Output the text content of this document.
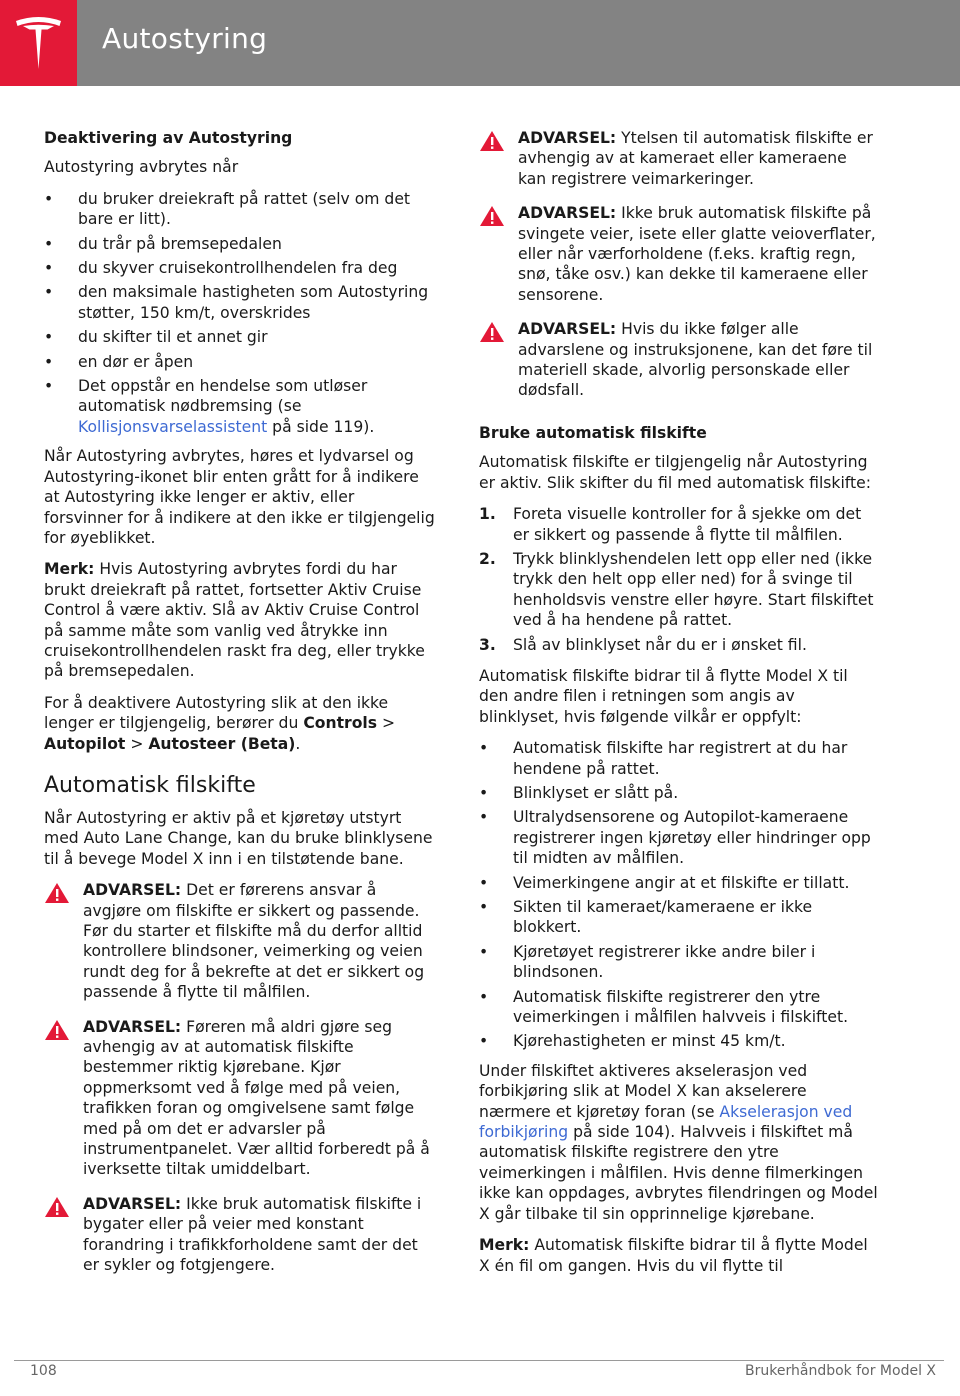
Autostyring

Deaktivering av Autostyring

Autostyring avbrytes når

• du bruker dreiekraft på rattet (selv om det bare er litt).
• du trår på bremsepedalen
• du skyver cruisekontrollhendelen fra deg
• den maksimale hastigheten som Autostyring støtter, 150 km/t, overskrides
• du skifter til et annet gir
• en dør er åpen
• Det oppstår en hendelse som utløser automatisk nødbremsing (se Kollisjonsvarselassistent på side 119).

Når Autostyring avbrytes, høres et lydvarsel og Autostyring-ikonet blir enten grått for å indikere at Autostyring ikke lenger er aktiv, eller forsvinner for å indikere at den ikke er tilgjengelig for øyeblikket.

Merk: Hvis Autostyring avbrytes fordi du har brukt dreiekraft på rattet, fortsetter Aktiv Cruise Control å være aktiv. Slå av Aktiv Cruise Control på samme måte som vanlig ved åtrykke inn cruisekontrollhendelen raskt fra deg, eller trykke på bremsepedalen.

For å deaktivere Autostyring slik at den ikke lenger er tilgjengelig, berører du Controls > Autopilot > Autosteer (Beta).

Automatisk filskifte

Når Autostyring er aktiv på et kjøretøy utstyrt med Auto Lane Change, kan du bruke blinklysene til å bevege Model X inn i en tilstøtende bane.

ADVARSEL: Det er førerens ansvar å avgjøre om filskifte er sikkert og passende. Før du starter et filskifte må du derfor alltid kontrollere blindsoner, veimerking og veien rundt deg for å bekrefte at det er sikkert og passende å flytte til målfilen.
ADVARSEL: Føreren må aldri gjøre seg avhengig av at automatisk filskifte bestemmer riktig kjørebane. Kjør oppmerksomt ved å følge med på veien, trafikken foran og omgivelsene samt følge med på om det er advarsler på instrumentpanelet. Vær alltid forberedt på å iverksette tiltak umiddelbart.
ADVARSEL: Ikke bruk automatisk filskifte i bygater eller på veier med konstant forandring i trafikkforholdene samt der det er sykler og fotgjengere.
ADVARSEL: Ytelsen til automatisk filskifte er avhengig av at kameraet eller kameraene kan registrere veimarkeringer.
ADVARSEL: Ikke bruk automatisk filskifte på svingete veier, isete eller glatte veioverflater, eller når værforholdene (f.eks. kraftig regn, snø, tåke osv.) kan dekke til kameraene eller sensorene.
ADVARSEL: Hvis du ikke følger alle advarslene og instruksjonene, kan det føre til materiell skade, alvorlig personskade eller dødsfall.

Bruke automatisk filskifte

Automatisk filskifte er tilgjengelig når Autostyring er aktiv. Slik skifter du fil med automatisk filskifte:

1. Foreta visuelle kontroller for å sjekke om det er sikkert og passende å flytte til målfilen.
2. Trykk blinklyshendelen lett opp eller ned (ikke trykk den helt opp eller ned) for å svinge til henholdsvis venstre eller høyre. Start filskiftet ved å ha hendene på rattet.
3. Slå av blinklyset når du er i ønsket fil.

Automatisk filskifte bidrar til å flytte Model X til den andre filen i retningen som angis av blinklyset, hvis følgende vilkår er oppfylt:

• Automatisk filskifte har registrert at du har hendene på rattet.
• Blinklyset er slått på.
• Ultralydsensorene og Autopilot-kameraene registrerer ingen kjøretøy eller hindringer opp til midten av målfilen.
• Veimerkingene angir at et filskifte er tillatt.
• Sikten til kameraet/kameraene er ikke blokkert.
• Kjøretøyet registrerer ikke andre biler i blindsonen.
• Automatisk filskifte registrerer den ytre veimerkingen i målfilen halvveis i filskiftet.
• Kjørehastigheten er minst 45 km/t.

Under filskiftet aktiveres akselerasjon ved forbikjøring slik at Model X kan akselerere nærmere et kjøretøy foran (se Akselerasjon ved forbikjøring på side 104). Halvveis i filskiftet må automatisk filskifte registrere den ytre veimerkingen i målfilen. Hvis denne filmerkingen ikke kan oppdages, avbrytes filendringen og Model X går tilbake til sin opprinnelige kjørebane.

Merk: Automatisk filskifte bidrar til å flytte Model X én fil om gangen. Hvis du vil flytte til

108	Brukerhåndbok for Model X
